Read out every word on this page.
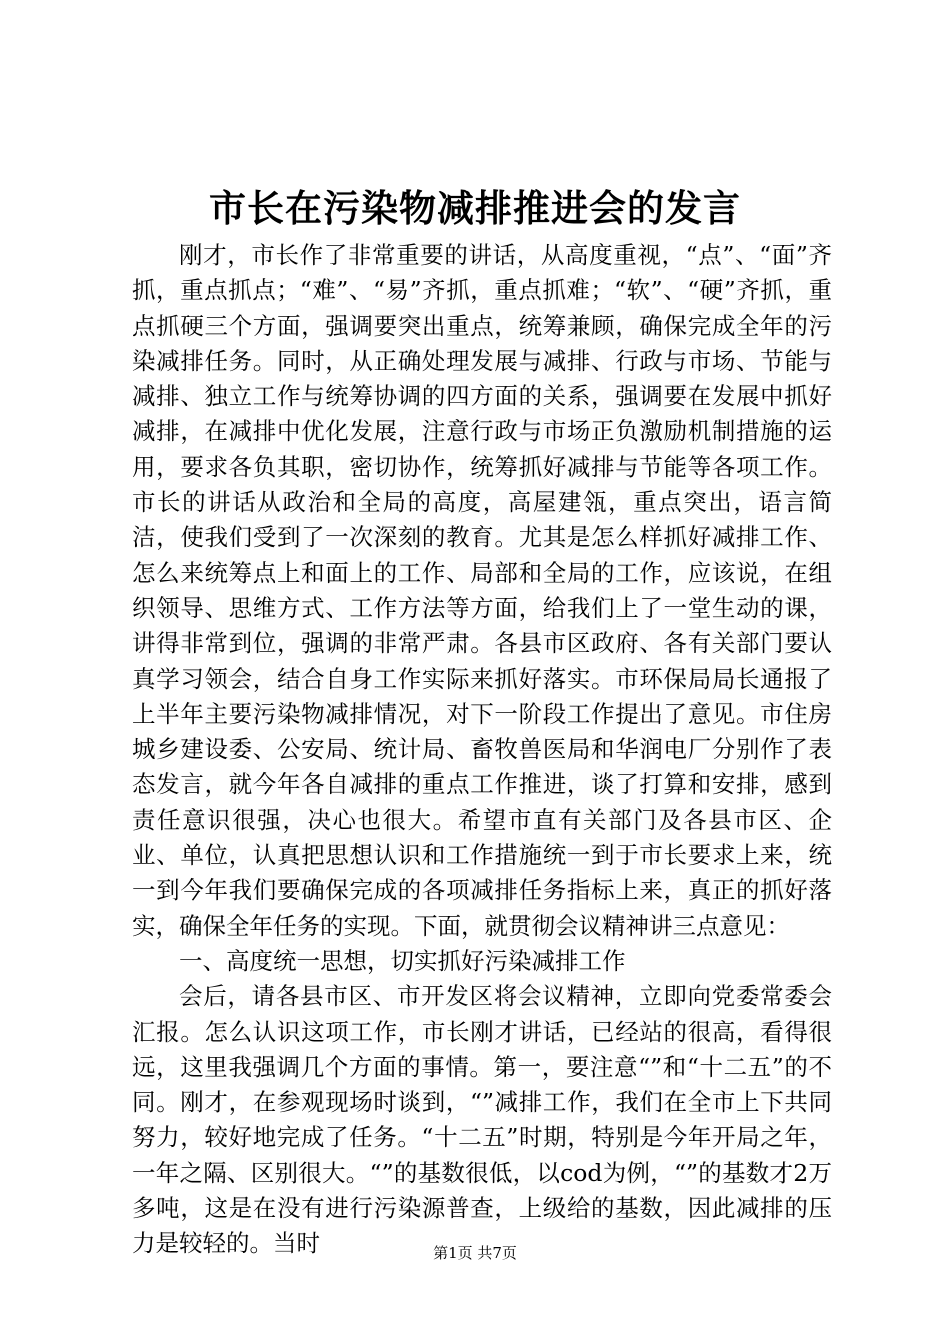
市长在污染物减排推进会的发言

刚才，市长作了非常重要的讲话，从高度重视，“点”、“面”齐抓，重点抓点；“难”、“易”齐抓，重点抓难；“软”、“硬”齐抓，重点抓硬三个方面，强调要突出重点，统筹兼顾，确保完成全年的污染减排任务。同时，从正确处理发展与减排、行政与市场、节能与减排、独立工作与统筹协调的四方面的关系，强调要在发展中抓好减排，在减排中优化发展，注意行政与市场正负激励机制措施的运用，要求各负其职，密切协作，统筹抓好减排与节能等各项工作。市长的讲话从政治和全局的高度，高屋建瓴，重点突出，语言简洁，使我们受到了一次深刻的教育。尤其是怎么样抓好减排工作、怎么来统筹点上和面上的工作、局部和全局的工作，应该说，在组织领导、思维方式、工作方法等方面，给我们上了一堂生动的课，讲得非常到位，强调的非常严肃。各县市区政府、各有关部门要认真学习领会，结合自身工作实际来抓好落实。市环保局局长通报了上半年主要污染物减排情况，对下一阶段工作提出了意见。市住房城乡建设委、公安局、统计局、畜牧兽医局和华润电厂分别作了表态发言，就今年各自减排的重点工作推进，谈了打算和安排，感到责任意识很强，决心也很大。希望市直有关部门及各县市区、企业、单位，认真把思想认识和工作措施统一到于市长要求上来，统一到今年我们要确保完成的各项减排任务指标上来，真正的抓好落实，确保全年任务的实现。下面，就贯彻会议精神讲三点意见：

一、高度统一思想，切实抓好污染减排工作

会后，请各县市区、市开发区将会议精神，立即向党委常委会汇报。怎么认识这项工作，市长刚才讲话，已经站的很高，看得很远，这里我强调几个方面的事情。第一，要注意“”和“十二五”的不同。刚才，在参观现场时谈到，“”减排工作，我们在全市上下共同努力，较好地完成了任务。“十二五”时期，特别是今年开局之年，一年之隔、区别很大。“”的基数很低，以cod为例，“”的基数才2万多吨，这是在没有进行污染源普查，上级给的基数，因此减排的压力是较轻的。当时	第1页 共7页
